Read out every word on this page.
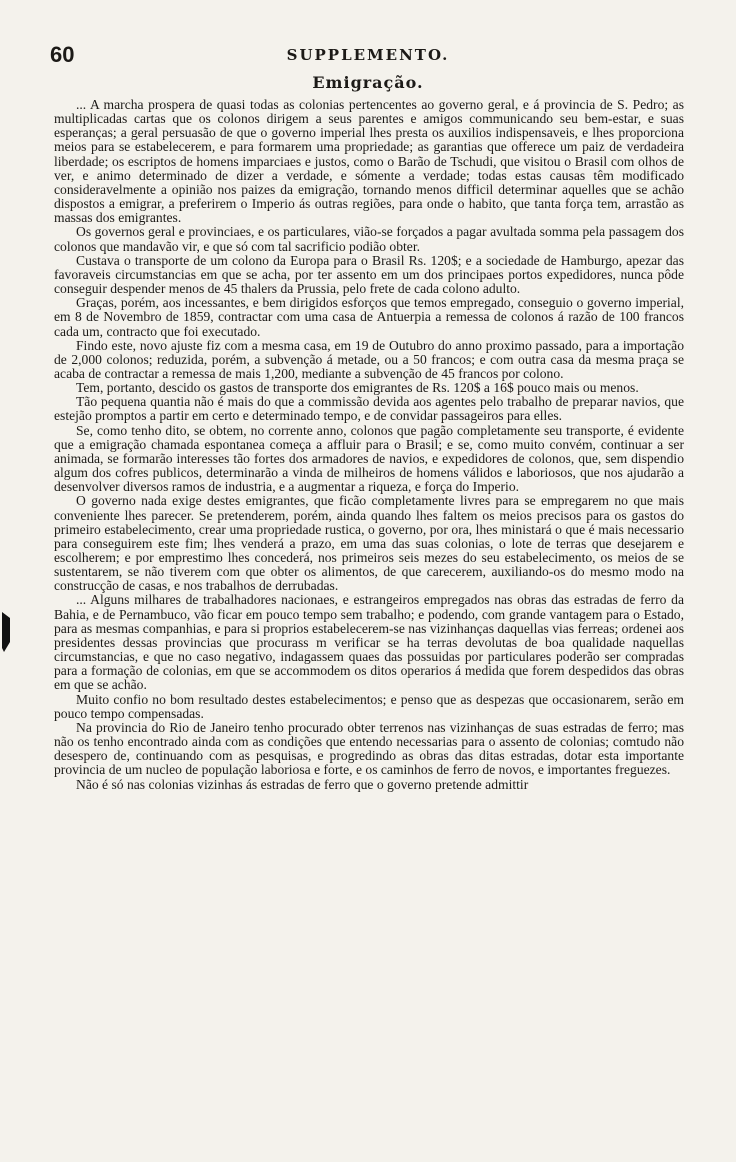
60	SUPPLEMENTO.
Emigração.

... A marcha prospera de quasi todas as colonias pertencentes ao governo geral, e á provincia de S. Pedro; as multiplicadas cartas que os colonos dirigem a seus parentes e amigos communicando seu bem-estar, e suas esperanças; a geral persuasão de que o governo imperial lhes presta os auxilios indispensaveis, e lhes proporciona meios para se estabelecerem, e para formarem uma propriedade; as garantias que offerece um paiz de verdadeira liberdade; os escriptos de homens imparciaes e justos, como o Barão de Tschudi, que visitou o Brasil com olhos de ver, e animo determinado de dizer a verdade, e sómente a verdade; todas estas causas têm modificado consideravelmente a opinião nos paizes da emigração, tornando menos difficil determinar aquelles que se achão dispostos a emigrar, a preferirem o Imperio ás outras regiões, para onde o habito, que tanta força tem, arrastão as massas dos emigrantes.

Os governos geral e provinciaes, e os particulares, vião-se forçados a pagar avultada somma pela passagem dos colonos que mandavão vir, e que só com tal sacrificio podião obter.

Custava o transporte de um colono da Europa para o Brasil Rs. 120$; e a sociedade de Hamburgo, apezar das favoraveis circumstancias em que se acha, por ter assento em um dos principaes portos expedidores, nunca pôde conseguir despender menos de 45 thalers da Prussia, pelo frete de cada colono adulto.

Graças, porém, aos incessantes, e bem dirigidos esforços que temos empregado, conseguio o governo imperial, em 8 de Novembro de 1859, contractar com uma casa de Antuerpia a remessa de colonos á razão de 100 francos cada um, contracto que foi executado.

Findo este, novo ajuste fiz com a mesma casa, em 19 de Outubro do anno proximo passado, para a importação de 2,000 colonos; reduzida, porém, a subvenção á metade, ou a 50 francos; e com outra casa da mesma praça se acaba de contractar a remessa de mais 1,200, mediante a subvenção de 45 francos por colono.

Tem, portanto, descido os gastos de transporte dos emigrantes de Rs. 120$ a 16$ pouco mais ou menos.

Tão pequena quantia não é mais do que a commissão devida aos agentes pelo trabalho de preparar navios, que estejão promptos a partir em certo e determinado tempo, e de convidar passageiros para elles.

Se, como tenho dito, se obtem, no corrente anno, colonos que pagão completamente seu transporte, é evidente que a emigração chamada espontanea começa a affluir para o Brasil; e se, como muito convém, continuar a ser animada, se formarão interesses tão fortes dos armadores de navios, e expedidores de colonos, que, sem dispendio algum dos cofres publicos, determinarão a vinda de milheiros de homens válidos e laboriosos, que nos ajudarão a desenvolver diversos ramos de industria, e a augmentar a riqueza, e força do Imperio.

O governo nada exige destes emigrantes, que ficão completamente livres para se empregarem no que mais conveniente lhes parecer. Se pretenderem, porém, ainda quando lhes faltem os meios precisos para os gastos do primeiro estabelecimento, crear uma propriedade rustica, o governo, por ora, lhes ministará o que é mais necessario para conseguirem este fim; lhes venderá a prazo, em uma das suas colonias, o lote de terras que desejarem e escolherem; e por emprestimo lhes concederá, nos primeiros seis mezes do seu estabelecimento, os meios de se sustentarem, se não tiverem com que obter os alimentos, de que carecerem, auxiliando-os do mesmo modo na construcção de casas, e nos trabalhos de derrubadas.

... Alguns milhares de trabalhadores nacionaes, e estrangeiros empregados nas obras das estradas de ferro da Bahia, e de Pernambuco, vão ficar em pouco tempo sem trabalho; e podendo, com grande vantagem para o Estado, para as mesmas companhias, e para si proprios estabelecerem-se nas vizinhanças daquellas vias ferreas; ordenei aos presidentes dessas provincias que procurass m verificar se ha terras devolutas de boa qualidade naquellas circumstancias, e que no caso negativo, indagassem quaes das possuidas por particulares poderão ser compradas para a formação de colonias, em que se accommodem os ditos operarios á medida que forem despedidos das obras em que se achão.

Muito confio no bom resultado destes estabelecimentos; e penso que as despezas que occasionarem, serão em pouco tempo compensadas.

Na provincia do Rio de Janeiro tenho procurado obter terrenos nas vizinhanças de suas estradas de ferro; mas não os tenho encontrado ainda com as condições que entendo necessarias para o assento de colonias; comtudo não desespero de, continuando com as pesquisas, e progredindo as obras das ditas estradas, dotar esta importante provincia de um nucleo de população laboriosa e forte, e os caminhos de ferro de novos, e importantes freguezes.

Não é só nas colonias vizinhas ás estradas de ferro que o governo pretende admittir
